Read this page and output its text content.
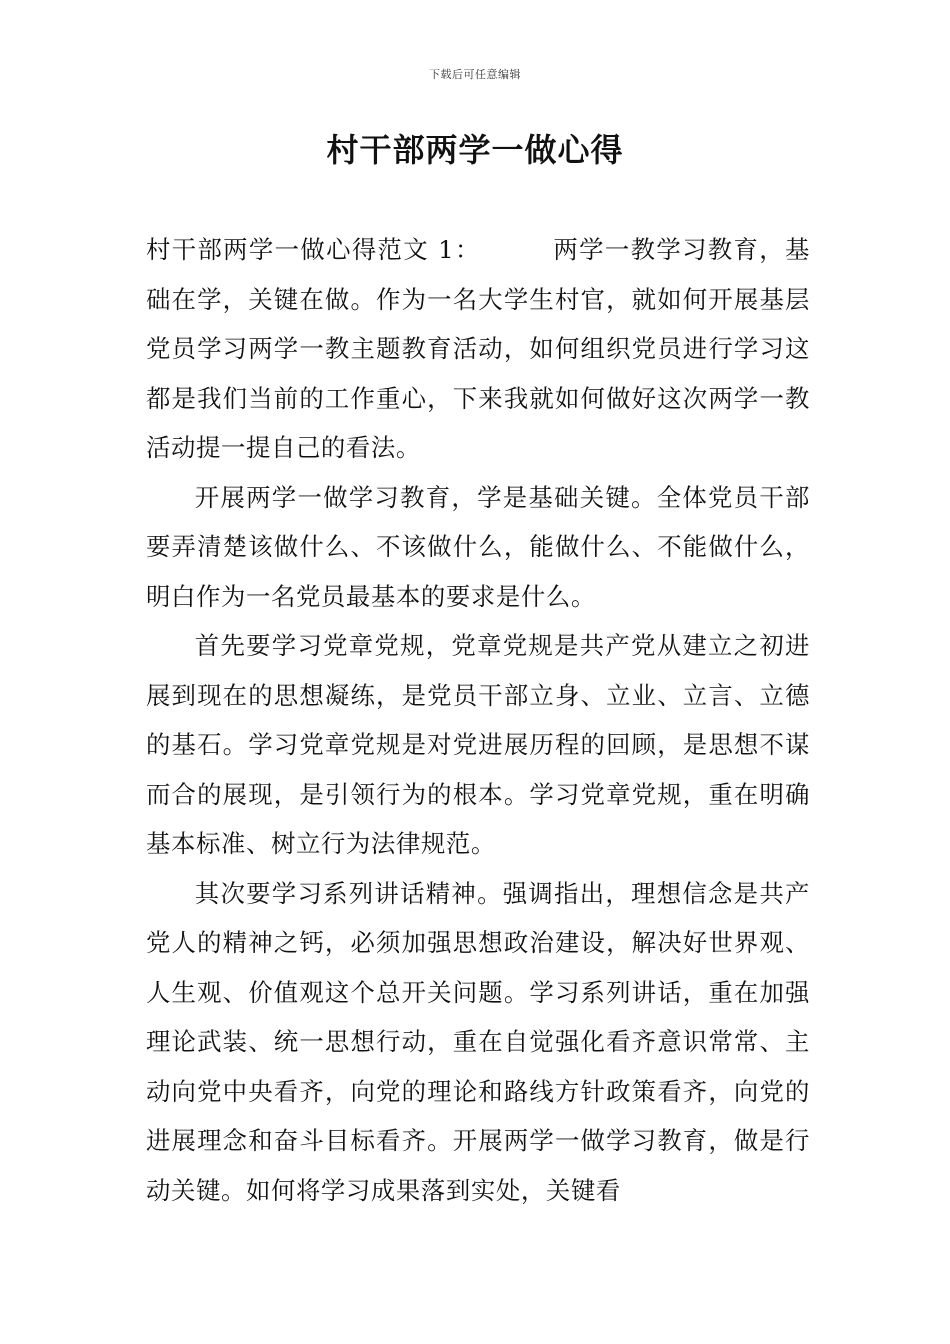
下载后可任意编辑
村干部两学一做心得

村干部两学一做心得范文 1：	两学一教学习教育，基础在学，关键在做。作为一名大学生村官，就如何开展基层党员学习两学一教主题教育活动，如何组织党员进行学习这都是我们当前的工作重心，下来我就如何做好这次两学一教活动提一提自己的看法。

开展两学一做学习教育，学是基础关键。全体党员干部要弄清楚该做什么、不该做什么，能做什么、不能做什么，明白作为一名党员最基本的要求是什么。

首先要学习党章党规，党章党规是共产党从建立之初进展到现在的思想凝练，是党员干部立身、立业、立言、立德的基石。学习党章党规是对党进展历程的回顾，是思想不谋而合的展现，是引领行为的根本。学习党章党规，重在明确基本标准、树立行为法律规范。

其次要学习系列讲话精神。强调指出，理想信念是共产党人的精神之钙，必须加强思想政治建设，解决好世界观、人生观、价值观这个总开关问题。学习系列讲话，重在加强理论武装、统一思想行动，重在自觉强化看齐意识常常、主动向党中央看齐，向党的理论和路线方针政策看齐，向党的进展理念和奋斗目标看齐。开展两学一做学习教育，做是行动关键。如何将学习成果落到实处，关键看
